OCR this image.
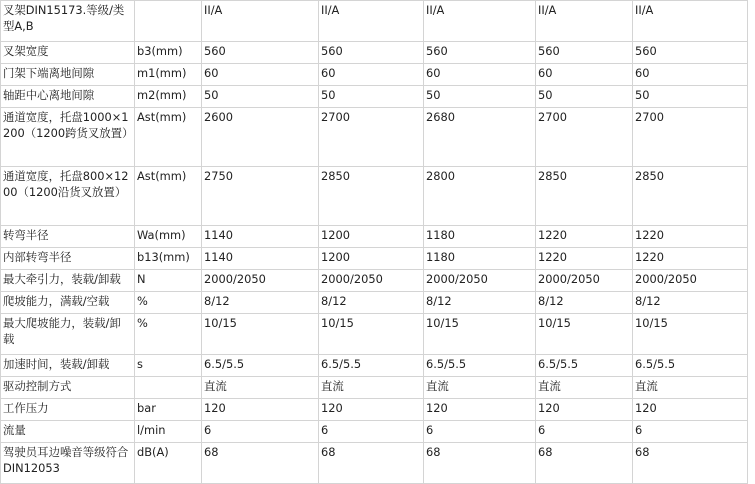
叉架DIN15173.等级/类型A,B		II/A	II/A	II/A	II/A	II/A
叉架宽度	b3(mm)	560	560	560	560	560
门架下端离地间隙	m1(mm)	60	60	60	60	60
轴距中心离地间隙	m2(mm)	50	50	50	50	50
通道宽度，托盘1000×1200（1200跨货叉放置）	Ast(mm)	2600	2700	2680	2700	2700
通道宽度，托盘800×1200（1200沿货叉放置）	Ast(mm)	2750	2850	2800	2850	2850
转弯半径	Wa(mm)	1140	1200	1180	1220	1220
内部转弯半径	b13(mm)	1140	1200	1180	1220	1220
最大牵引力，装载/卸载	N	2000/2050	2000/2050	2000/2050	2000/2050	2000/2050
爬坡能力，满载/空载	%	8/12	8/12	8/12	8/12	8/12
最大爬坡能力，装载/卸载	%	10/15	10/15	10/15	10/15	10/15
加速时间，装载/卸载	s	6.5/5.5	6.5/5.5	6.5/5.5	6.5/5.5	6.5/5.5
驱动控制方式		直流	直流	直流	直流	直流
工作压力	bar	120	120	120	120	120
流量	l/min	6	6	6	6	6
驾驶员耳边噪音等级符合DIN12053	dB(A)	68	68	68	68	68
